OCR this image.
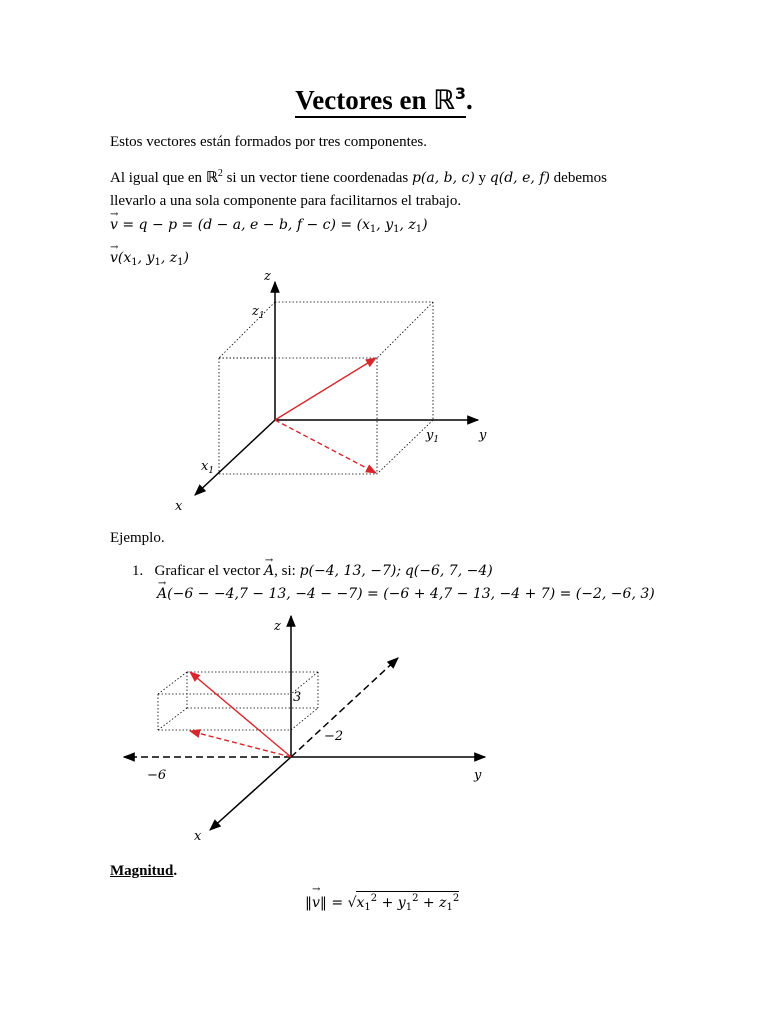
Vectores en ℝ$^3$.
Estos vectores están formados por tres componentes.
Al igual que en ℝ$^2$ si un vector tiene coordenadas p(a, b, c) y q(d, e, f) debemos
llevarlo a una sola componente para facilitarnos el trabajo.
→ v = q − p = (d − a, e − b, $f - c) = (x_1$, $y_1$, $z_1$)
→ $v(x_1$, $y_1$, $z_1$)
z
$z_1$
y
$y_1$
x
$x_1$
Ejemplo.
1. Graficar el vector → A, si: p(−4, 13, −7); q(−6, 7, −4)
→ A(−6 − −4,7 − 13, −4 − −7) = (−6 + 4,7 − 13, −4 + 7) = (−2, −6, 3)
z
y
x
−6
−2
3
Magnitud.
‖→ v‖ = $√x_1^2 + y_1^2 + z_1^2$
